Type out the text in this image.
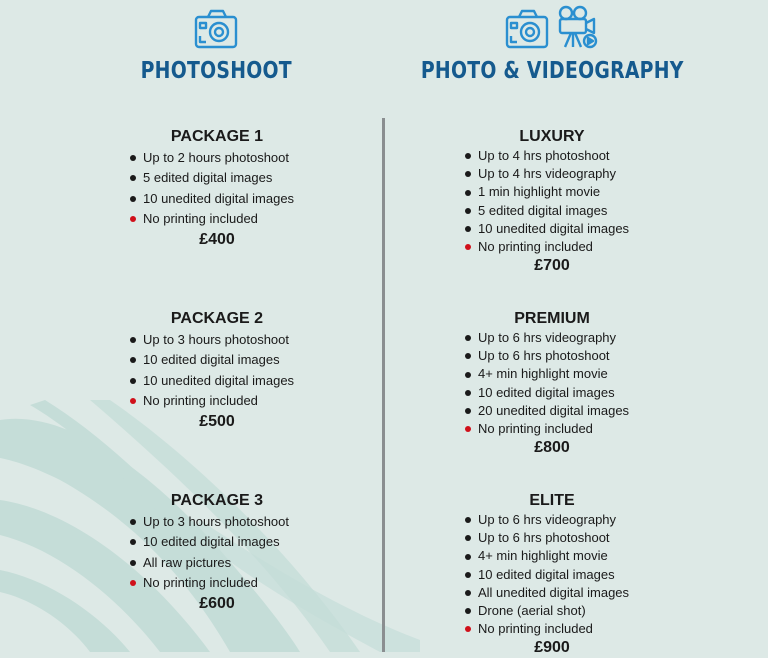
PHOTOSHOOT	PHOTO & VIDEOGRAPHY
PACKAGE 1
Up to 2 hours photoshoot
5 edited digital images
10 unedited digital images
No printing included
£400
PACKAGE 2
Up to 3 hours photoshoot
10 edited digital images
10 unedited digital images
No printing included
£500
PACKAGE 3
Up to 3 hours photoshoot
10 edited digital images
All raw pictures
No printing included
£600
LUXURY
Up to 4 hrs photoshoot
Up to 4 hrs videography
1 min highlight movie
5 edited digital images
10 unedited digital images
No printing included
£700
PREMIUM
Up to 6 hrs videography
Up to 6 hrs photoshoot
4+ min highlight movie
10 edited digital images
20 unedited digital images
No printing included
£800
ELITE
Up to 6 hrs videography
Up to 6 hrs photoshoot
4+ min highlight movie
10 edited digital images
All unedited digital images
Drone (aerial shot)
No printing included
£900
